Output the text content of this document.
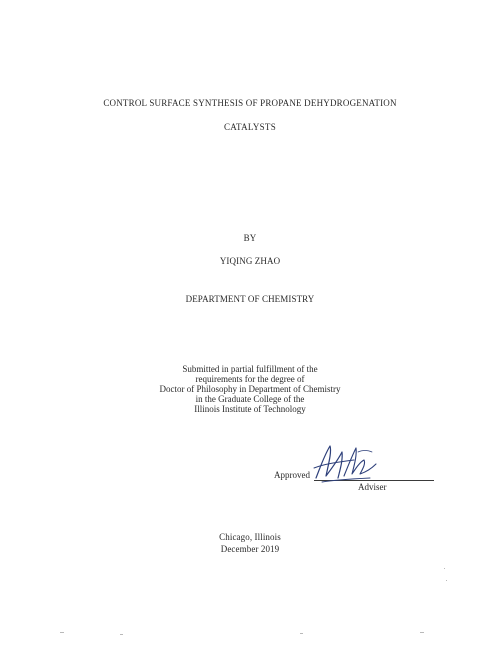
CONTROL SURFACE SYNTHESIS OF PROPANE DEHYDROGENATION
CATALYSTS
BY
YIQING ZHAO
DEPARTMENT OF CHEMISTRY
Submitted in partial fulfillment of the
requirements for the degree of
Doctor of Philosophy in Department of Chemistry
in the Graduate College of the
Illinois Institute of Technology
Approved
Adviser
Chicago, Illinois
December 2019
